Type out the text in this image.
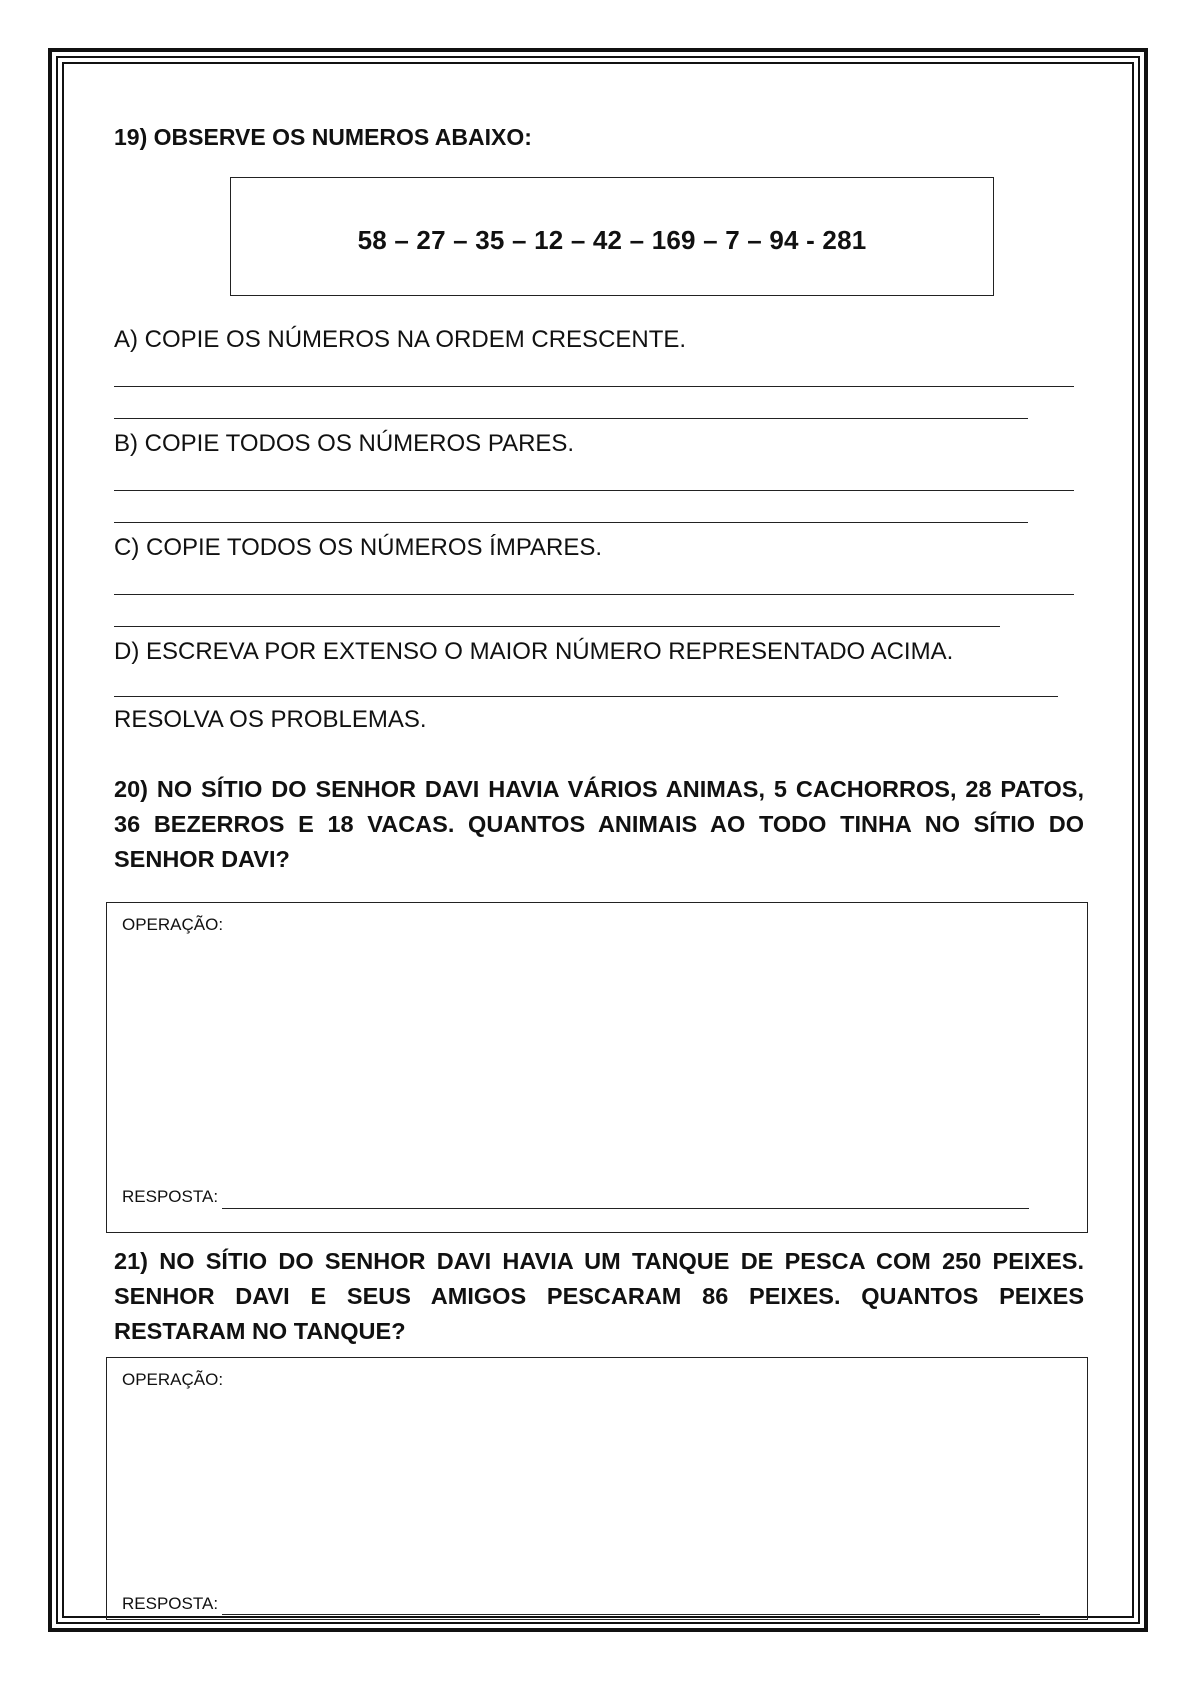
19) OBSERVE OS NUMEROS ABAIXO:
58 – 27 – 35 – 12 – 42 – 169 – 7 – 94 - 281
A) COPIE OS NÚMEROS NA ORDEM CRESCENTE.
B) COPIE TODOS OS NÚMEROS PARES.
C) COPIE TODOS OS NÚMEROS ÍMPARES.
D) ESCREVA POR EXTENSO O MAIOR NÚMERO REPRESENTADO ACIMA.
RESOLVA OS PROBLEMAS.
20) NO SÍTIO DO SENHOR DAVI HAVIA VÁRIOS ANIMAS, 5 CACHORROS, 28 PATOS, 36 BEZERROS E 18 VACAS. QUANTOS ANIMAIS AO TODO TINHA NO SÍTIO DO SENHOR DAVI?
OPERAÇÃO:
RESPOSTA:
21) NO SÍTIO DO SENHOR DAVI HAVIA UM TANQUE DE PESCA COM 250 PEIXES. SENHOR DAVI E SEUS AMIGOS PESCARAM 86 PEIXES. QUANTOS PEIXES RESTARAM NO TANQUE?
OPERAÇÃO:
RESPOSTA:
